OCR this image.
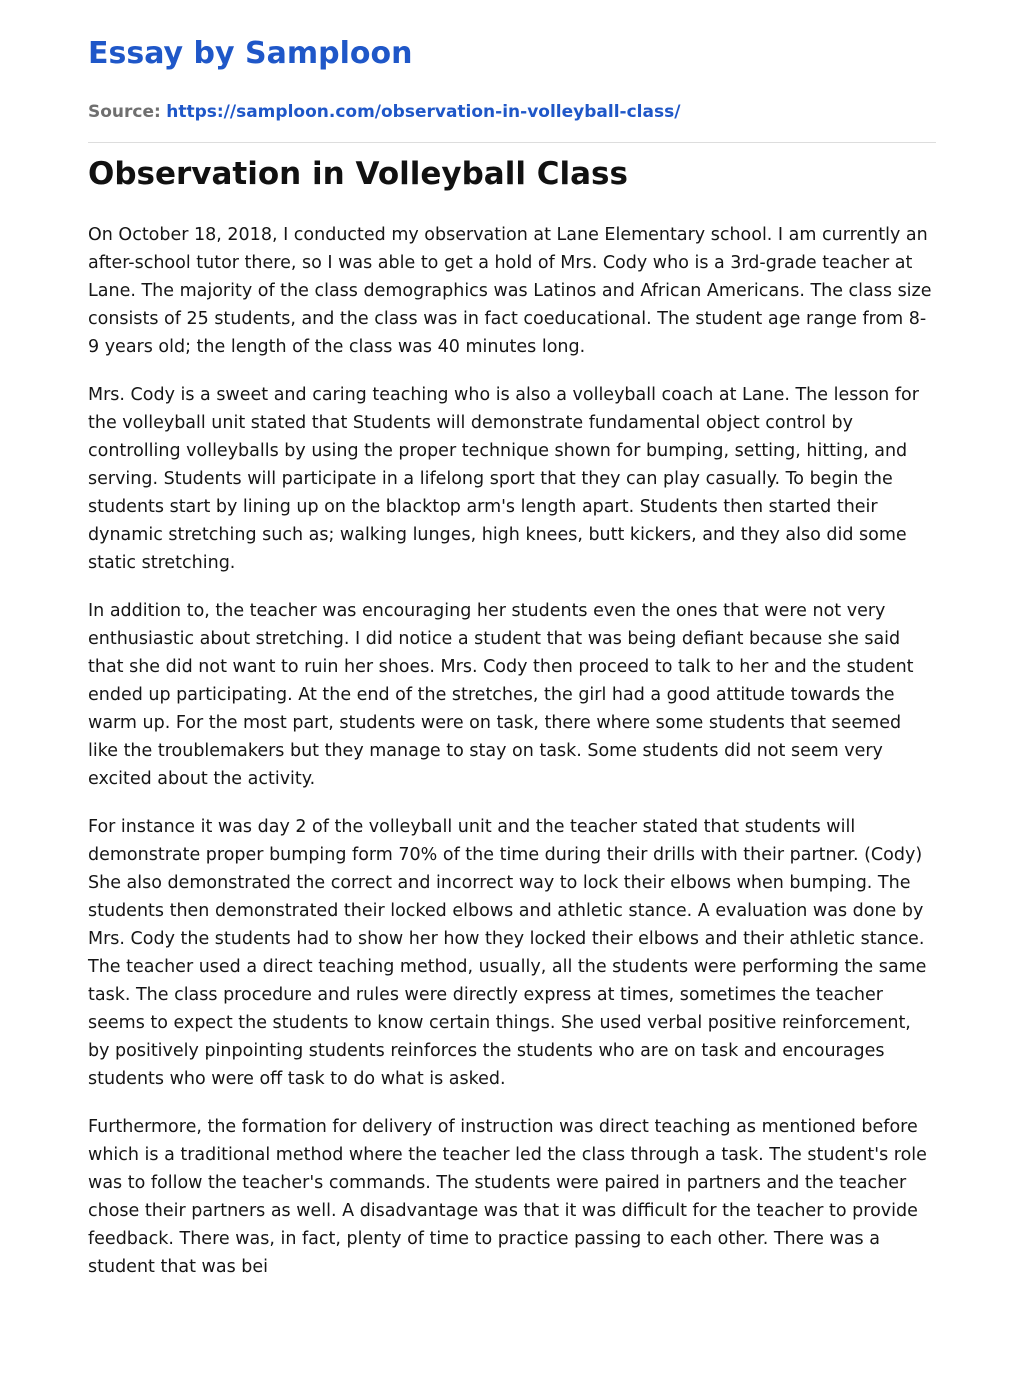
Essay by Samploon
Source: https://samploon.com/observation-in-volleyball-class/
Observation in Volleyball Class

On October 18, 2018, I conducted my observation at Lane Elementary school. I am currently an after-school tutor there, so I was able to get a hold of Mrs. Cody who is a 3rd-grade teacher at Lane. The majority of the class demographics was Latinos and African Americans. The class size consists of 25 students, and the class was in fact coeducational. The student age range from 8-9 years old; the length of the class was 40 minutes long.

Mrs. Cody is a sweet and caring teaching who is also a volleyball coach at Lane. The lesson for the volleyball unit stated that Students will demonstrate fundamental object control by controlling volleyballs by using the proper technique shown for bumping, setting, hitting, and serving. Students will participate in a lifelong sport that they can play casually. To begin the students start by lining up on the blacktop arm's length apart. Students then started their dynamic stretching such as; walking lunges, high knees, butt kickers, and they also did some static stretching.

In addition to, the teacher was encouraging her students even the ones that were not very enthusiastic about stretching. I did notice a student that was being defiant because she said that she did not want to ruin her shoes. Mrs. Cody then proceed to talk to her and the student ended up participating. At the end of the stretches, the girl had a good attitude towards the warm up. For the most part, students were on task, there where some students that seemed like the troublemakers but they manage to stay on task. Some students did not seem very excited about the activity.

For instance it was day 2 of the volleyball unit and the teacher stated that students will demonstrate proper bumping form 70% of the time during their drills with their partner. (Cody) She also demonstrated the correct and incorrect way to lock their elbows when bumping. The students then demonstrated their locked elbows and athletic stance. A evaluation was done by Mrs. Cody the students had to show her how they locked their elbows and their athletic stance. The teacher used a direct teaching method, usually, all the students were performing the same task. The class procedure and rules were directly express at times, sometimes the teacher seems to expect the students to know certain things. She used verbal positive reinforcement, by positively pinpointing students reinforces the students who are on task and encourages students who were off task to do what is asked.

Furthermore, the formation for delivery of instruction was direct teaching as mentioned before which is a traditional method where the teacher led the class through a task. The student's role was to follow the teacher's commands. The students were paired in partners and the teacher chose their partners as well. A disadvantage was that it was difficult for the teacher to provide feedback. There was, in fact, plenty of time to practice passing to each other. There was a student that was bei
